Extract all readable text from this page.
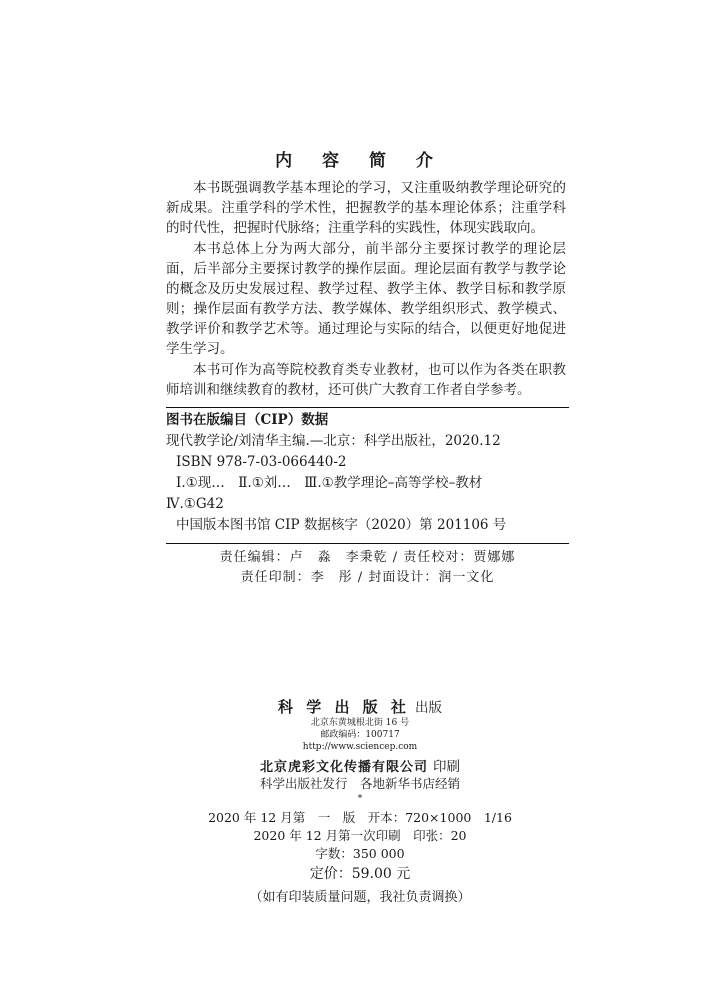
内 容 简 介

本书既强调教学基本理论的学习，又注重吸纳教学理论研究的新成果。注重学科的学术性，把握教学的基本理论体系；注重学科的时代性，把握时代脉络；注重学科的实践性，体现实践取向。

本书总体上分为两大部分，前半部分主要探讨教学的理论层面，后半部分主要探讨教学的操作层面。理论层面有教学与教学论的概念及历史发展过程、教学过程、教学主体、教学目标和教学原则；操作层面有教学方法、教学媒体、教学组织形式、教学模式、教学评价和教学艺术等。通过理论与实际的结合，以便更好地促进学生学习。

本书可作为高等院校教育类专业教材，也可以作为各类在职教师培训和继续教育的教材，还可供广大教育工作者自学参考。

图书在版编目（CIP）数据
现代教学论/刘清华主编.—北京：科学出版社，2020.12
ISBN 978-7-03-066440-2
Ⅰ.①现…　Ⅱ.①刘…　Ⅲ.①教学理论–高等学校–教材
Ⅳ.①G42
中国版本图书馆 CIP 数据核字（2020）第 201106 号
责任编辑：卢　淼　李秉乾 / 责任校对：贾娜娜
责任印制：李　彤 / 封面设计：润一文化
科 学 出 版 社 出版
北京东黄城根北街 16 号
邮政编码：100717
http://www.sciencep.com
北京虎彩文化传播有限公司 印刷
科学出版社发行　各地新华书店经销
*
2020 年 12 月第　一　版　开本：720×1000　1/16
2020 年 12 月第一次印刷　印张：20
字数：350 000
定价：59.00 元
（如有印装质量问题，我社负责调换）
